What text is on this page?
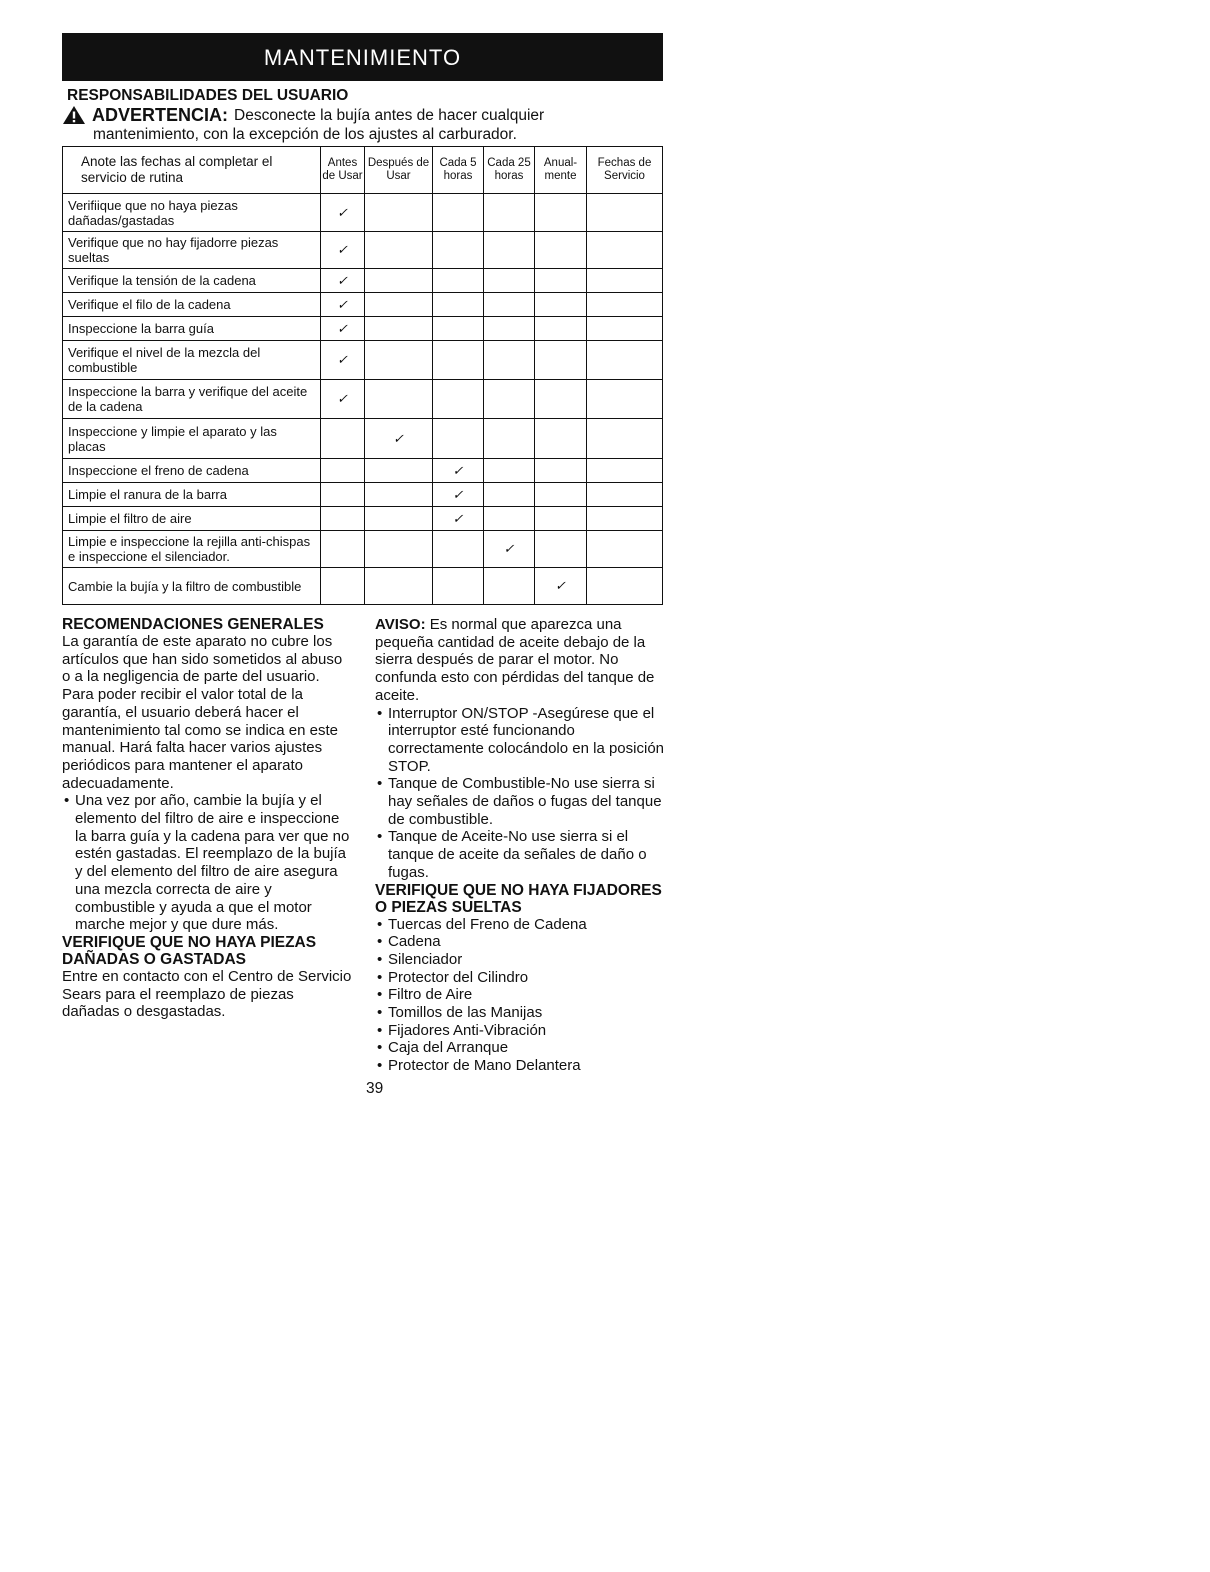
MANTENIMIENTO
RESPONSABILIDADES DEL USUARIO
ADVERTENCIA: Desconecte la bujía antes de hacer cualquier
mantenimiento, con la excepción de los ajustes al carburador.
Anote las fechas al completar el servicio de rutina	Antes de Usar	Después de Usar	Cada 5 horas	Cada 25 horas	Anual- mente	Fechas de Servicio
Verifiique que no haya piezas dañadas/gastadas	✓					
Verifique que no hay fijadorre piezas sueltas	✓					
Verifique la tensión de la cadena	✓					
Verifique el filo de la cadena	✓					
Inspeccione la barra guía	✓					
Verifique el nivel de la mezcla del combustible	✓					
Inspeccione la barra y verifique del aceite de la cadena	✓					
Inspeccione y limpie el aparato y las placas		✓				
Inspeccione el freno de cadena			✓			
Limpie el ranura de la barra			✓			
Limpie el filtro de aire			✓			
Limpie e inspeccione la rejilla anti-chispas e inspeccione el silenciador.				✓		
Cambie la bujía y la filtro de combustible					✓	
RECOMENDACIONES GENERALES

La garantía de este aparato no cubre los artículos que han sido sometidos al abuso o a la negligencia de parte del usuario. Para poder recibir el valor total de la garantía, el usuario deberá hacer el mantenimiento tal como se indica en este manual. Hará falta hacer varios ajustes periódicos para mantener el aparato adecuadamente.

• Una vez por año, cambie la bujía y el elemento del filtro de aire e inspeccione la barra guía y la cadena para ver que no estén gastadas. El reemplazo de la bujía y del elemento del filtro de aire asegura una mezcla correcta de aire y combustible y ayuda a que el motor marche mejor y que dure más.
VERIFIQUE QUE NO HAYA PIEZAS DAÑADAS O GASTADAS

Entre en contacto con el Centro de Servicio Sears para el reemplazo de piezas dañadas o desgastadas.

AVISO: Es normal que aparezca una pequeña cantidad de aceite debajo de la sierra después de parar el motor. No confunda esto con pérdidas del tanque de aceite.

• Interruptor ON/STOP -Asegúrese que el interruptor esté funcionando correctamente colocándolo en la posición STOP.
• Tanque de Combustible-No use sierra si hay señales de daños o fugas del tanque de combustible.
• Tanque de Aceite-No use sierra si el tanque de aceite da señales de daño o fugas.
VERIFIQUE QUE NO HAYA FIJADORES O PIEZAS SUELTAS
• Tuercas del Freno de Cadena
• Cadena
• Silenciador
• Protector del Cilindro
• Filtro de Aire
• Tomillos de las Manijas
• Fijadores Anti-Vibración
• Caja del Arranque
• Protector de Mano Delantera
39
